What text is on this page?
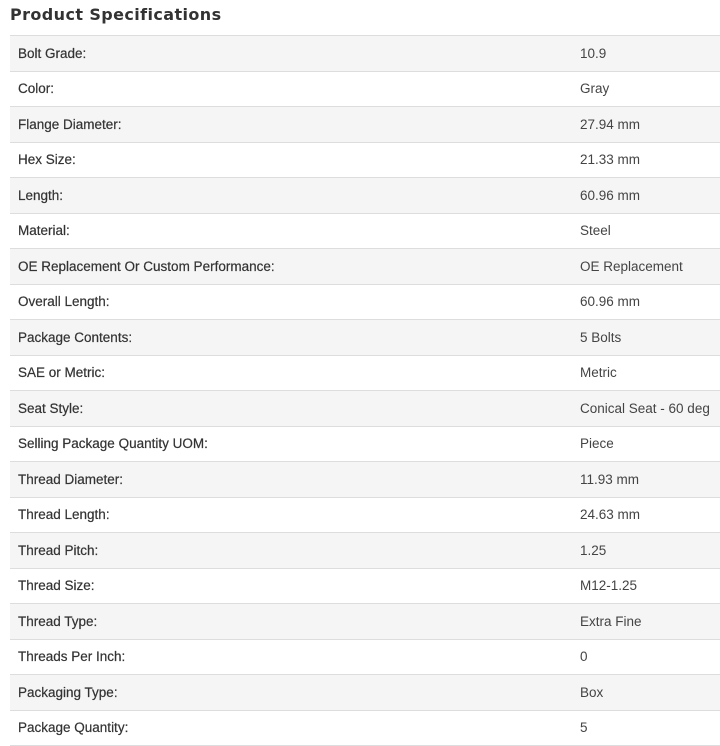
Product Specifications
Bolt Grade:	10.9
Color:	Gray
Flange Diameter:	27.94 mm
Hex Size:	21.33 mm
Length:	60.96 mm
Material:	Steel
OE Replacement Or Custom Performance:	OE Replacement
Overall Length:	60.96 mm
Package Contents:	5 Bolts
SAE or Metric:	Metric
Seat Style:	Conical Seat - 60 deg
Selling Package Quantity UOM:	Piece
Thread Diameter:	11.93 mm
Thread Length:	24.63 mm
Thread Pitch:	1.25
Thread Size:	M12-1.25
Thread Type:	Extra Fine
Threads Per Inch:	0
Packaging Type:	Box
Package Quantity:	5
